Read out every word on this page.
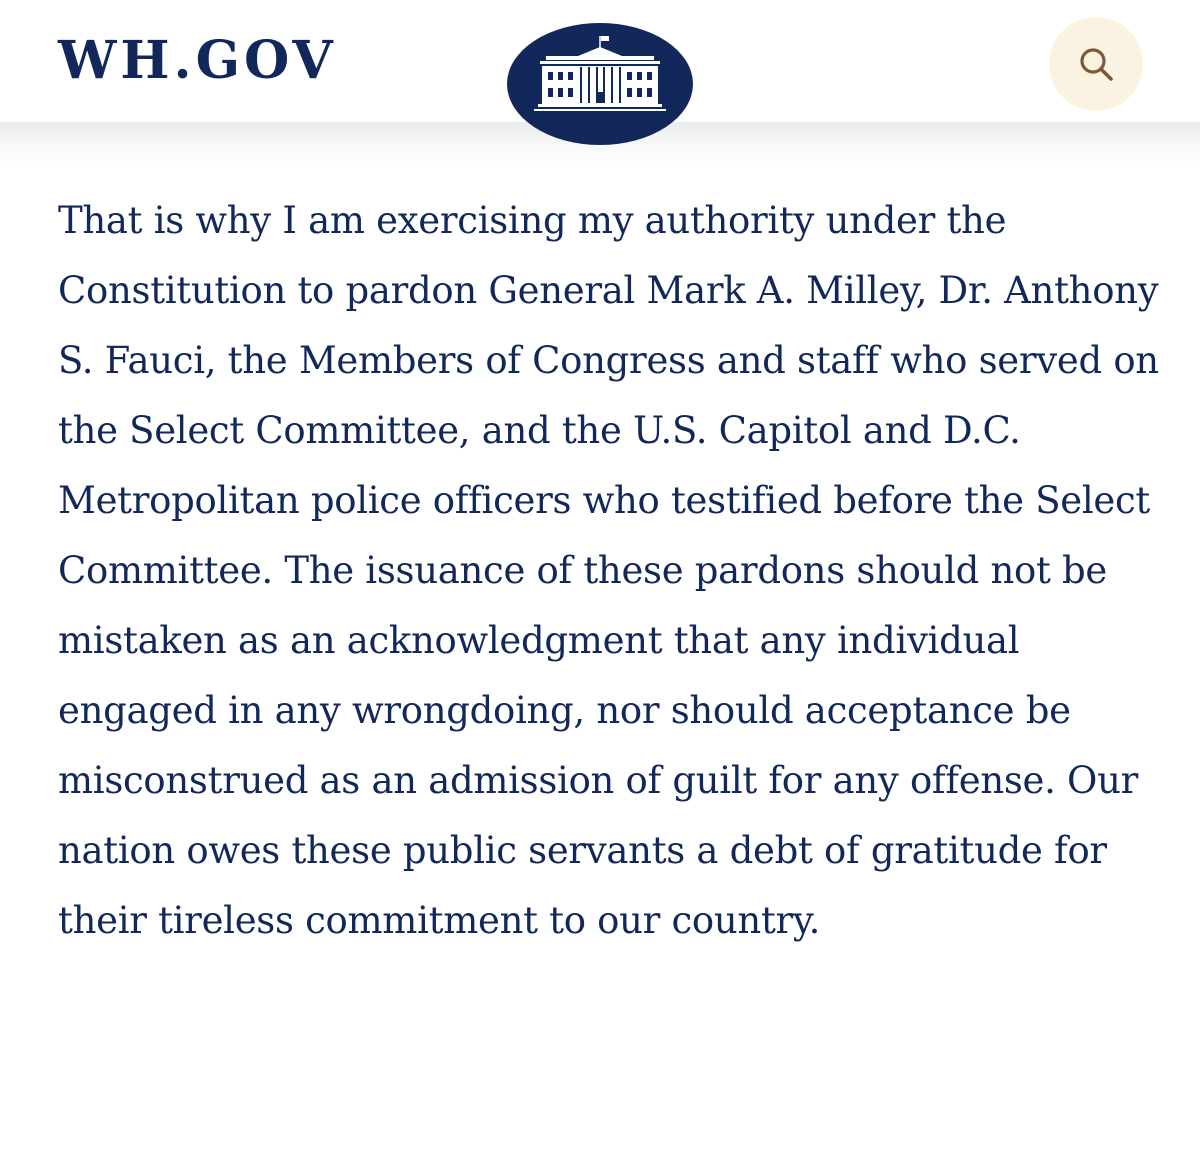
WH.GOV

That is why I am exercising my authority under the Constitution to pardon General Mark A. Milley, Dr. Anthony S. Fauci, the Members of Congress and staff who served on the Select Committee, and the U.S. Capitol and D.C. Metropolitan police officers who testified before the Select Committee. The issuance of these pardons should not be mistaken as an acknowledgment that any individual engaged in any wrongdoing, nor should acceptance be misconstrued as an admission of guilt for any offense. Our nation owes these public servants a debt of gratitude for their tireless commitment to our country.
